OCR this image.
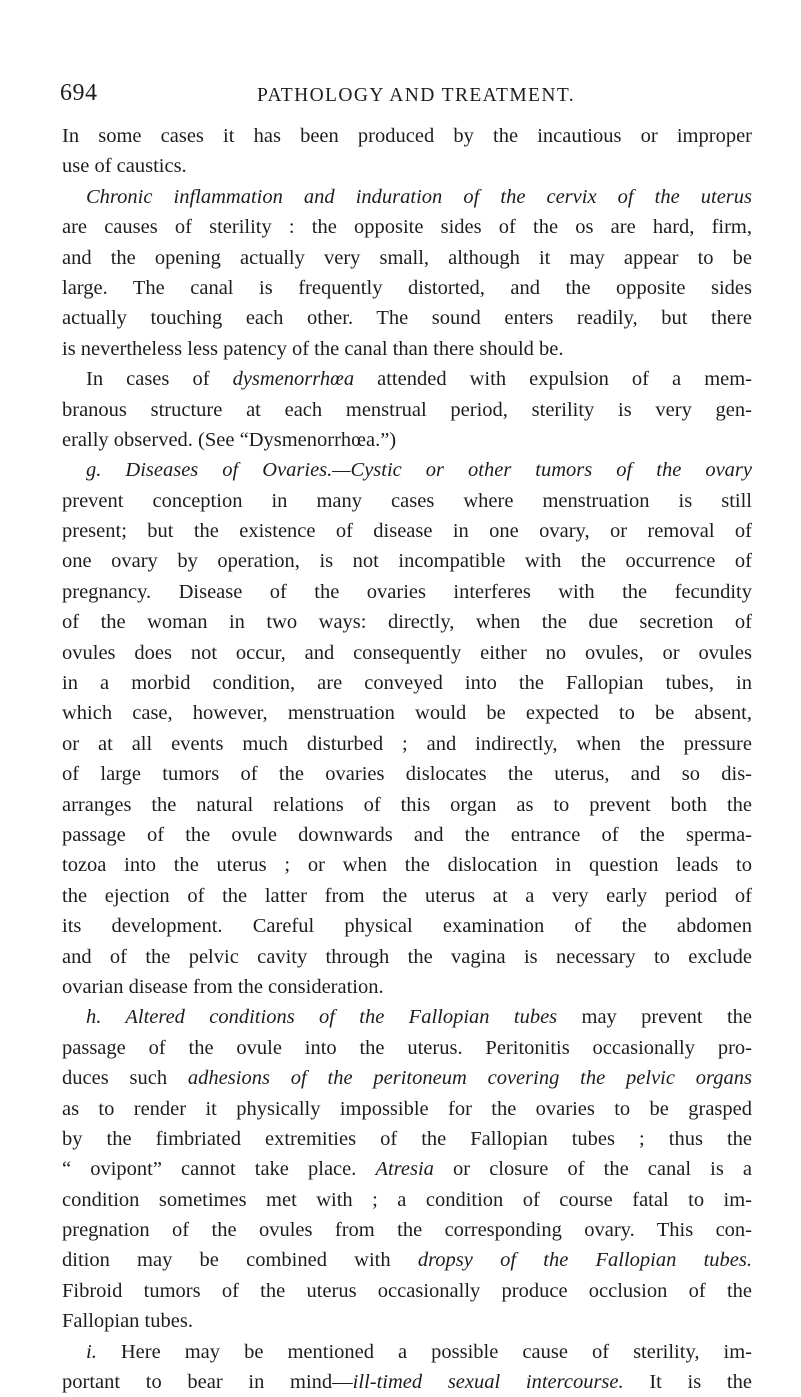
694	PATHOLOGY AND TREATMENT.
In some cases it has been produced by the incautious or improper
use of caustics.
Chronic inflammation and induration of the cervix of the uterus
are causes of sterility : the opposite sides of the os are hard, firm,
and the opening actually very small, although it may appear to be
large. The canal is frequently distorted, and the opposite sides
actually touching each other. The sound enters readily, but there
is nevertheless less patency of the canal than there should be.
In cases of dysmenorrhœa attended with expulsion of a mem-
branous structure at each menstrual period, sterility is very gen-
erally observed. (See “Dysmenorrhœa.”)
g. Diseases of Ovaries.—Cystic or other tumors of the ovary
prevent conception in many cases where menstruation is still
present; but the existence of disease in one ovary, or removal of
one ovary by operation, is not incompatible with the occurrence of
pregnancy. Disease of the ovaries interferes with the fecundity
of the woman in two ways: directly, when the due secretion of
ovules does not occur, and consequently either no ovules, or ovules
in a morbid condition, are conveyed into the Fallopian tubes, in
which case, however, menstruation would be expected to be absent,
or at all events much disturbed ; and indirectly, when the pressure
of large tumors of the ovaries dislocates the uterus, and so dis-
arranges the natural relations of this organ as to prevent both the
passage of the ovule downwards and the entrance of the sperma-
tozoa into the uterus ; or when the dislocation in question leads to
the ejection of the latter from the uterus at a very early period of
its development. Careful physical examination of the abdomen
and of the pelvic cavity through the vagina is necessary to exclude
ovarian disease from the consideration.
h. Altered conditions of the Fallopian tubes may prevent the
passage of the ovule into the uterus. Peritonitis occasionally pro-
duces such adhesions of the peritoneum covering the pelvic organs
as to render it physically impossible for the ovaries to be grasped
by the fimbriated extremities of the Fallopian tubes ; thus the
“ ovipont” cannot take place. Atresia or closure of the canal is a
condition sometimes met with ; a condition of course fatal to im-
pregnation of the ovules from the corresponding ovary. This con-
dition may be combined with dropsy of the Fallopian tubes.
Fibroid tumors of the uterus occasionally produce occlusion of the
Fallopian tubes.
i. Here may be mentioned a possible cause of sterility, im-
portant to bear in mind—ill-timed sexual intercourse. It is the
